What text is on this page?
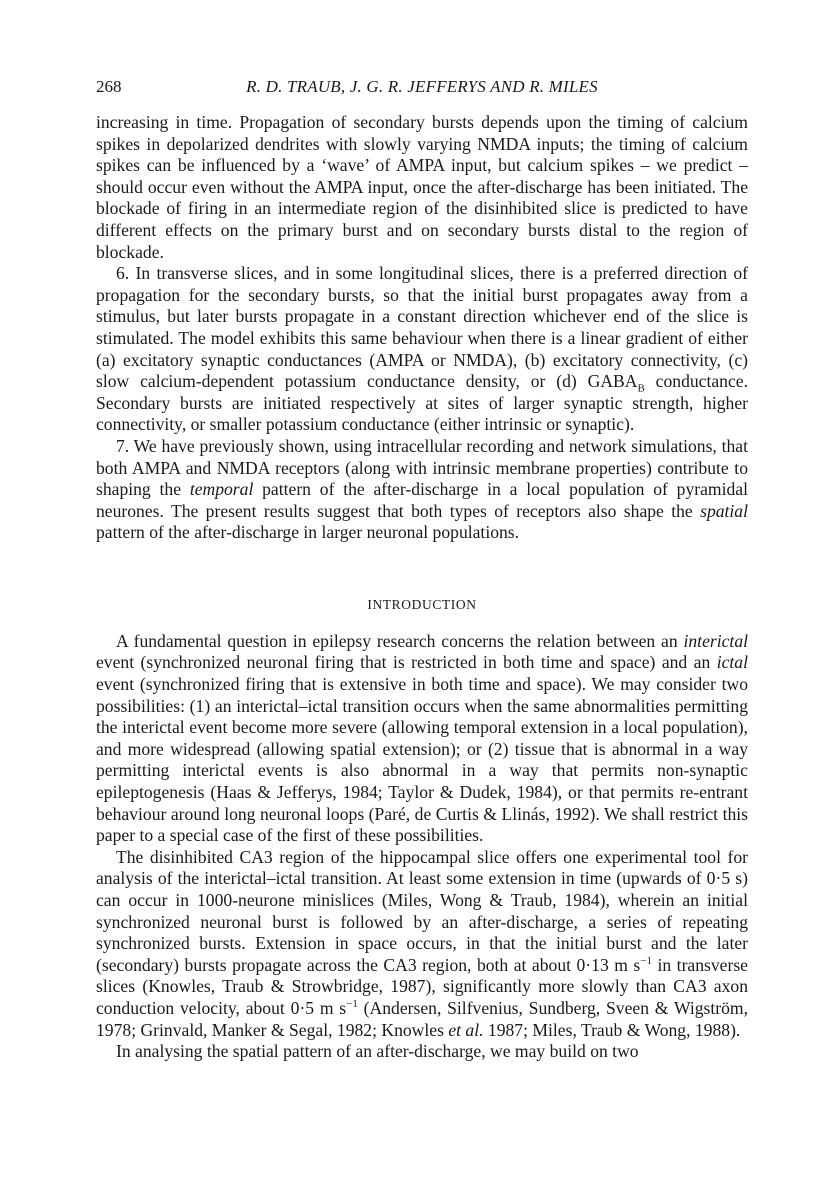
268	R. D. TRAUB, J. G. R. JEFFERYS AND R. MILES

increasing in time. Propagation of secondary bursts depends upon the timing of calcium spikes in depolarized dendrites with slowly varying NMDA inputs; the timing of calcium spikes can be influenced by a ‘wave’ of AMPA input, but calcium spikes – we predict – should occur even without the AMPA input, once the after-discharge has been initiated. The blockade of firing in an intermediate region of the disinhibited slice is predicted to have different effects on the primary burst and on secondary bursts distal to the region of blockade.

6. In transverse slices, and in some longitudinal slices, there is a preferred direction of propagation for the secondary bursts, so that the initial burst propagates away from a stimulus, but later bursts propagate in a constant direction whichever end of the slice is stimulated. The model exhibits this same behaviour when there is a linear gradient of either (a) excitatory synaptic conductances (AMPA or NMDA), (b) excitatory connectivity, (c) slow calcium-dependent potassium conductance density, or (d) $GABA_B$ conductance. Secondary bursts are initiated respectively at sites of larger synaptic strength, higher connectivity, or smaller potassium conductance (either intrinsic or synaptic).

7. We have previously shown, using intracellular recording and network simulations, that both AMPA and NMDA receptors (along with intrinsic membrane properties) contribute to shaping the temporal pattern of the after-discharge in a local population of pyramidal neurones. The present results suggest that both types of receptors also shape the spatial pattern of the after-discharge in larger neuronal populations.

INTRODUCTION

A fundamental question in epilepsy research concerns the relation between an interictal event (synchronized neuronal firing that is restricted in both time and space) and an ictal event (synchronized firing that is extensive in both time and space). We may consider two possibilities: (1) an interictal–ictal transition occurs when the same abnormalities permitting the interictal event become more severe (allowing temporal extension in a local population), and more widespread (allowing spatial extension); or (2) tissue that is abnormal in a way permitting interictal events is also abnormal in a way that permits non-synaptic epileptogenesis (Haas & Jefferys, 1984; Taylor & Dudek, 1984), or that permits re-entrant behaviour around long neuronal loops (Paré, de Curtis & Llinás, 1992). We shall restrict this paper to a special case of the first of these possibilities.

The disinhibited CA3 region of the hippocampal slice offers one experimental tool for analysis of the interictal–ictal transition. At least some extension in time (upwards of 0·5 s) can occur in 1000-neurone minislices (Miles, Wong & Traub, 1984), wherein an initial synchronized neuronal burst is followed by an after-discharge, a series of repeating synchronized bursts. Extension in space occurs, in that the initial burst and the later (secondary) bursts propagate across the CA3 region, both at about 0·13 m $s^{-1}$ in transverse slices (Knowles, Traub & Strowbridge, 1987), significantly more slowly than CA3 axon conduction velocity, about 0·5 m $s^{-1}$ (Andersen, Silfvenius, Sundberg, Sveen & Wigström, 1978; Grinvald, Manker & Segal, 1982; Knowles et al. 1987; Miles, Traub & Wong, 1988).

In analysing the spatial pattern of an after-discharge, we may build on two
